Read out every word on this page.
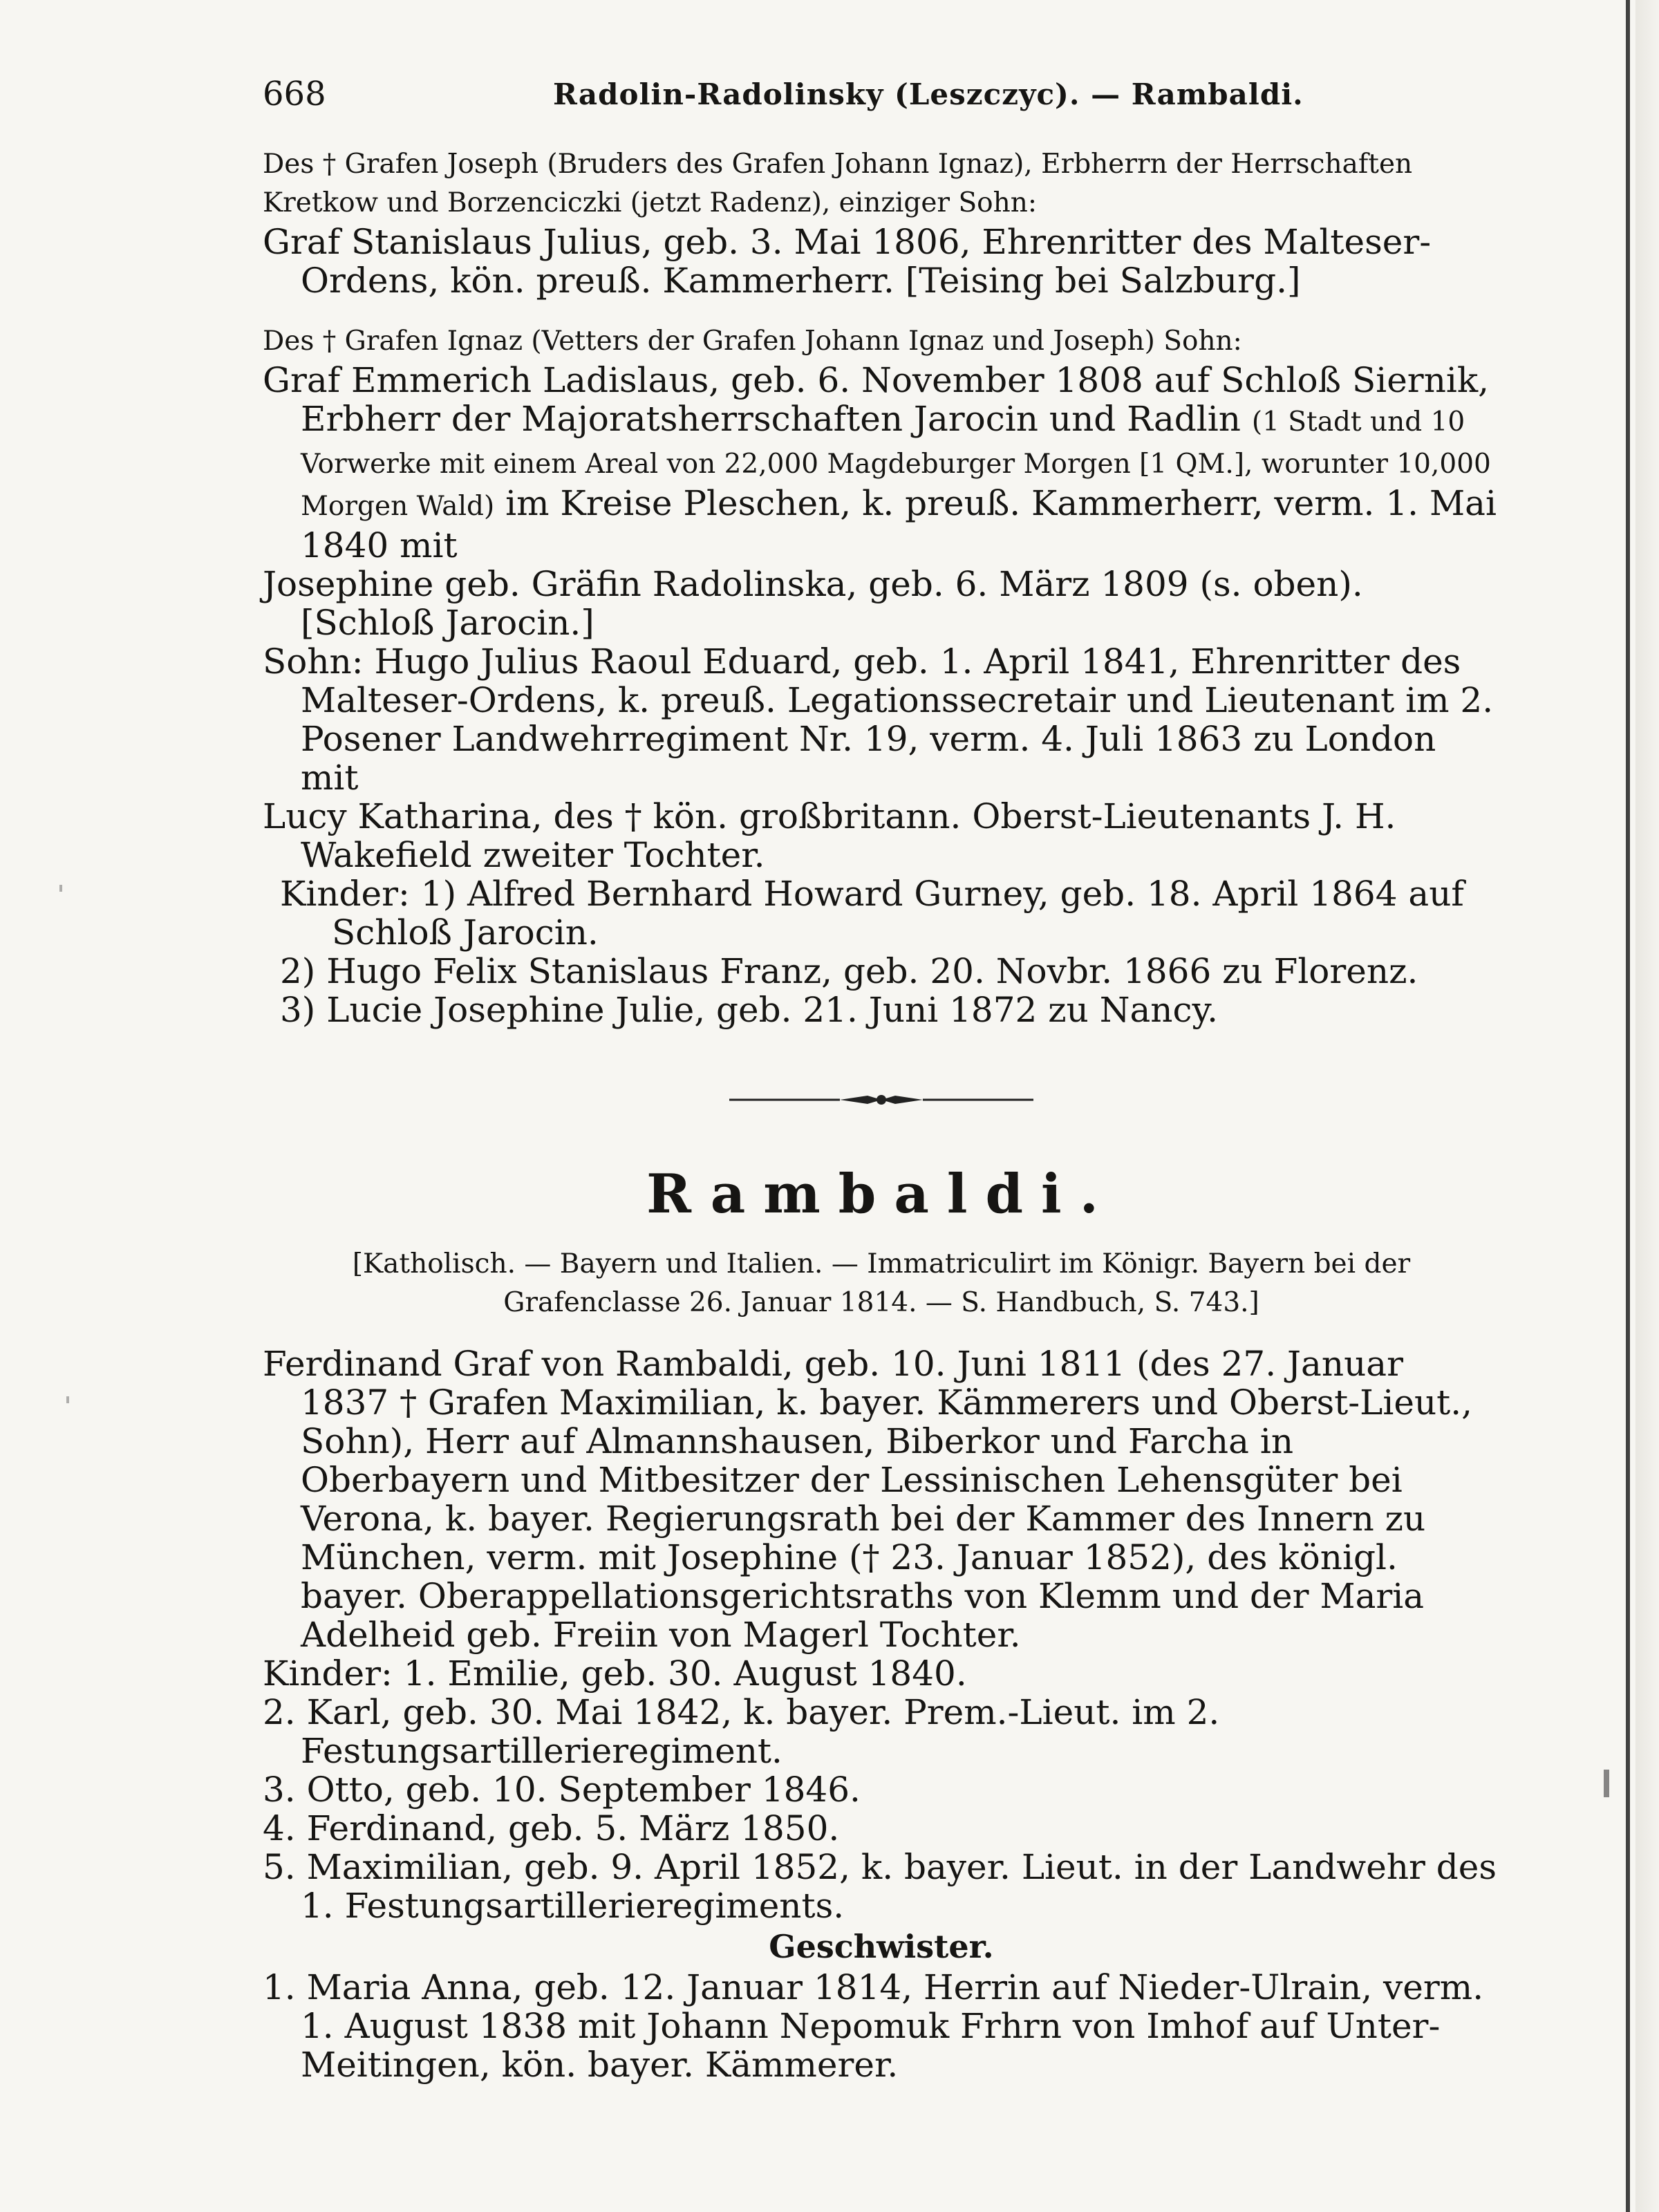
668	Radolin-Radolinsky (Leszczyc). — Rambaldi.

Des † Grafen Joseph (Bruders des Grafen Johann Ignaz), Erbherrn der Herrschaften Kretkow und Borzenciczki (jetzt Radenz), einziger Sohn:

Graf Stanislaus Julius, geb. 3. Mai 1806, Ehrenritter des Malteser-Ordens, kön. preuß. Kammerherr. [Teising bei Salzburg.]

Des † Grafen Ignaz (Vetters der Grafen Johann Ignaz und Joseph) Sohn:

Graf Emmerich Ladislaus, geb. 6. November 1808 auf Schloß Siernik, Erbherr der Majoratsherrschaften Jarocin und Radlin (1 Stadt und 10 Vorwerke mit einem Areal von 22,000 Magdeburger Morgen [1 QM.], worunter 10,000 Morgen Wald) im Kreise Pleschen, k. preuß. Kammerherr, verm. 1. Mai 1840 mit

Josephine geb. Gräfin Radolinska, geb. 6. März 1809 (s. oben). [Schloß Jarocin.]

Sohn: Hugo Julius Raoul Eduard, geb. 1. April 1841, Ehrenritter des Malteser-Ordens, k. preuß. Legationssecretair und Lieutenant im 2. Posener Landwehrregiment Nr. 19, verm. 4. Juli 1863 zu London mit

Lucy Katharina, des † kön. großbritann. Oberst-Lieutenants J. H. Wakefield zweiter Tochter.

Kinder: 1) Alfred Bernhard Howard Gurney, geb. 18. April 1864 auf Schloß Jarocin.

2) Hugo Felix Stanislaus Franz, geb. 20. Novbr. 1866 zu Florenz.

3) Lucie Josephine Julie, geb. 21. Juni 1872 zu Nancy.

Rambaldi.

[Katholisch. — Bayern und Italien. — Immatriculirt im Königr. Bayern bei der Grafenclasse 26. Januar 1814. — S. Handbuch, S. 743.]

Ferdinand Graf von Rambaldi, geb. 10. Juni 1811 (des 27. Januar 1837 † Grafen Maximilian, k. bayer. Kämmerers und Oberst-Lieut., Sohn), Herr auf Almannshausen, Biberkor und Farcha in Oberbayern und Mitbesitzer der Lessinischen Lehensgüter bei Verona, k. bayer. Regierungsrath bei der Kammer des Innern zu München, verm. mit Josephine († 23. Januar 1852), des königl. bayer. Oberappellationsgerichtsraths von Klemm und der Maria Adelheid geb. Freiin von Magerl Tochter.

Kinder: 1. Emilie, geb. 30. August 1840.

2. Karl, geb. 30. Mai 1842, k. bayer. Prem.-Lieut. im 2. Festungsartillerieregiment.

3. Otto, geb. 10. September 1846.

4. Ferdinand, geb. 5. März 1850.

5. Maximilian, geb. 9. April 1852, k. bayer. Lieut. in der Landwehr des 1. Festungsartillerieregiments.

Geschwister.

1. Maria Anna, geb. 12. Januar 1814, Herrin auf Nieder-Ulrain, verm. 1. August 1838 mit Johann Nepomuk Frhrn von Imhof auf Unter-Meitingen, kön. bayer. Kämmerer.
